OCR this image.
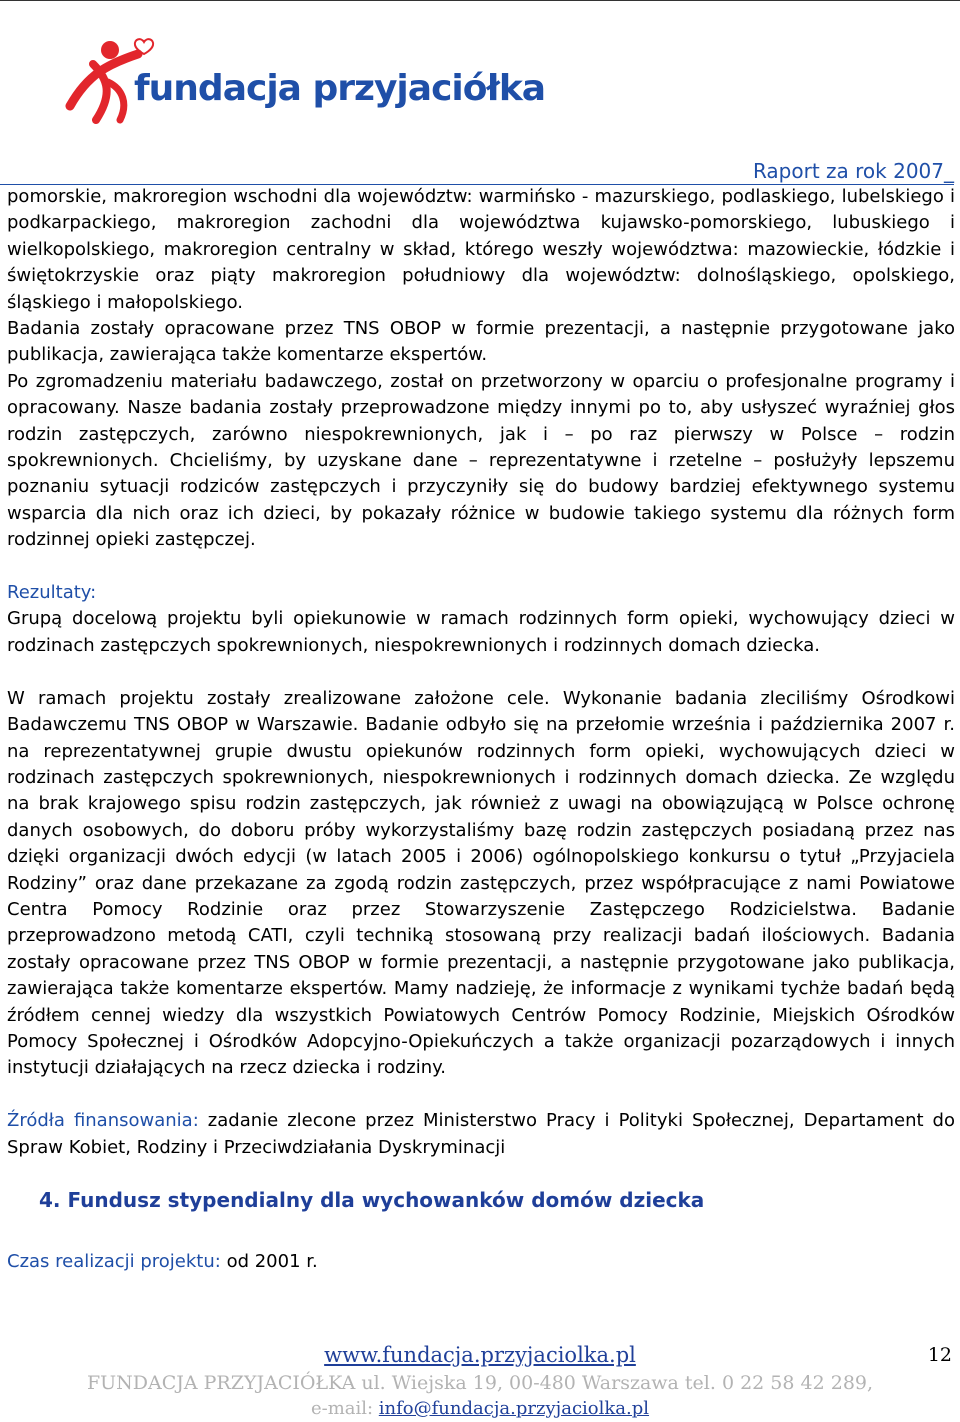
fundacja przyjaciółka
Raport za rok 2007_

pomorskie, makroregion wschodni dla województw: warmińsko - mazurskiego, podlaskiego, lubelskiego i podkarpackiego, makroregion zachodni dla województwa kujawsko-pomorskiego, lubuskiego i wielkopolskiego, makroregion centralny w skład, którego weszły województwa: mazowieckie, łódzkie i świętokrzyskie oraz piąty makroregion południowy dla województw: dolnośląskiego, opolskiego, śląskiego i małopolskiego.

Badania zostały opracowane przez TNS OBOP w formie prezentacji, a następnie przygotowane jako publikacja, zawierająca także komentarze ekspertów.

Po zgromadzeniu materiału badawczego, został on przetworzony w oparciu o profesjonalne programy i opracowany. Nasze badania zostały przeprowadzone między innymi po to, aby usłyszeć wyraźniej głos rodzin zastępczych, zarówno niespokrewnionych, jak i – po raz pierwszy w Polsce – rodzin spokrewnionych. Chcieliśmy, by uzyskane dane – reprezentatywne i rzetelne – posłużyły lepszemu poznaniu sytuacji rodziców zastępczych i przyczyniły się do budowy bardziej efektywnego systemu wsparcia dla nich oraz ich dzieci, by pokazały różnice w budowie takiego systemu dla różnych form rodzinnej opieki zastępczej.

Rezultaty:

Grupą docelową projektu byli opiekunowie w ramach rodzinnych form opieki, wychowujący dzieci w rodzinach zastępczych spokrewnionych, niespokrewnionych i rodzinnych domach dziecka.

W ramach projektu zostały zrealizowane założone cele. Wykonanie badania zleciliśmy Ośrodkowi Badawczemu TNS OBOP w Warszawie. Badanie odbyło się na przełomie września i października 2007 r. na reprezentatywnej grupie dwustu opiekunów rodzinnych form opieki, wychowujących dzieci w rodzinach zastępczych spokrewnionych, niespokrewnionych i rodzinnych domach dziecka. Ze względu na brak krajowego spisu rodzin zastępczych, jak również z uwagi na obowiązującą w Polsce ochronę danych osobowych, do doboru próby wykorzystaliśmy bazę rodzin zastępczych posiadaną przez nas dzięki organizacji dwóch edycji (w latach 2005 i 2006) ogólnopolskiego konkursu o tytuł „Przyjaciela Rodziny” oraz dane przekazane za zgodą rodzin zastępczych, przez współpracujące z nami Powiatowe Centra Pomocy Rodzinie oraz przez Stowarzyszenie Zastępczego Rodzicielstwa. Badanie przeprowadzono metodą CATI, czyli techniką stosowaną przy realizacji badań ilościowych. Badania zostały opracowane przez TNS OBOP w formie prezentacji, a następnie przygotowane jako publikacja, zawierająca także komentarze ekspertów. Mamy nadzieję, że informacje z wynikami tychże badań będą źródłem cennej wiedzy dla wszystkich Powiatowych Centrów Pomocy Rodzinie, Miejskich Ośrodków Pomocy Społecznej i Ośrodków Adopcyjno-Opiekuńczych a także organizacji pozarządowych i innych instytucji działających na rzecz dziecka i rodziny.

Źródła finansowania: zadanie zlecone przez Ministerstwo Pracy i Polityki Społecznej, Departament do Spraw Kobiet, Rodziny i Przeciwdziałania Dyskryminacji

4. Fundusz stypendialny dla wychowanków domów dziecka

Czas realizacji projektu: od 2001 r.

www.fundacja.przyjaciolka.pl
FUNDACJA PRZYJACIÓŁKA ul. Wiejska 19, 00-480 Warszawa tel. 0 22 58 42 289,
e-mail: info@fundacja.przyjaciolka.pl
12
